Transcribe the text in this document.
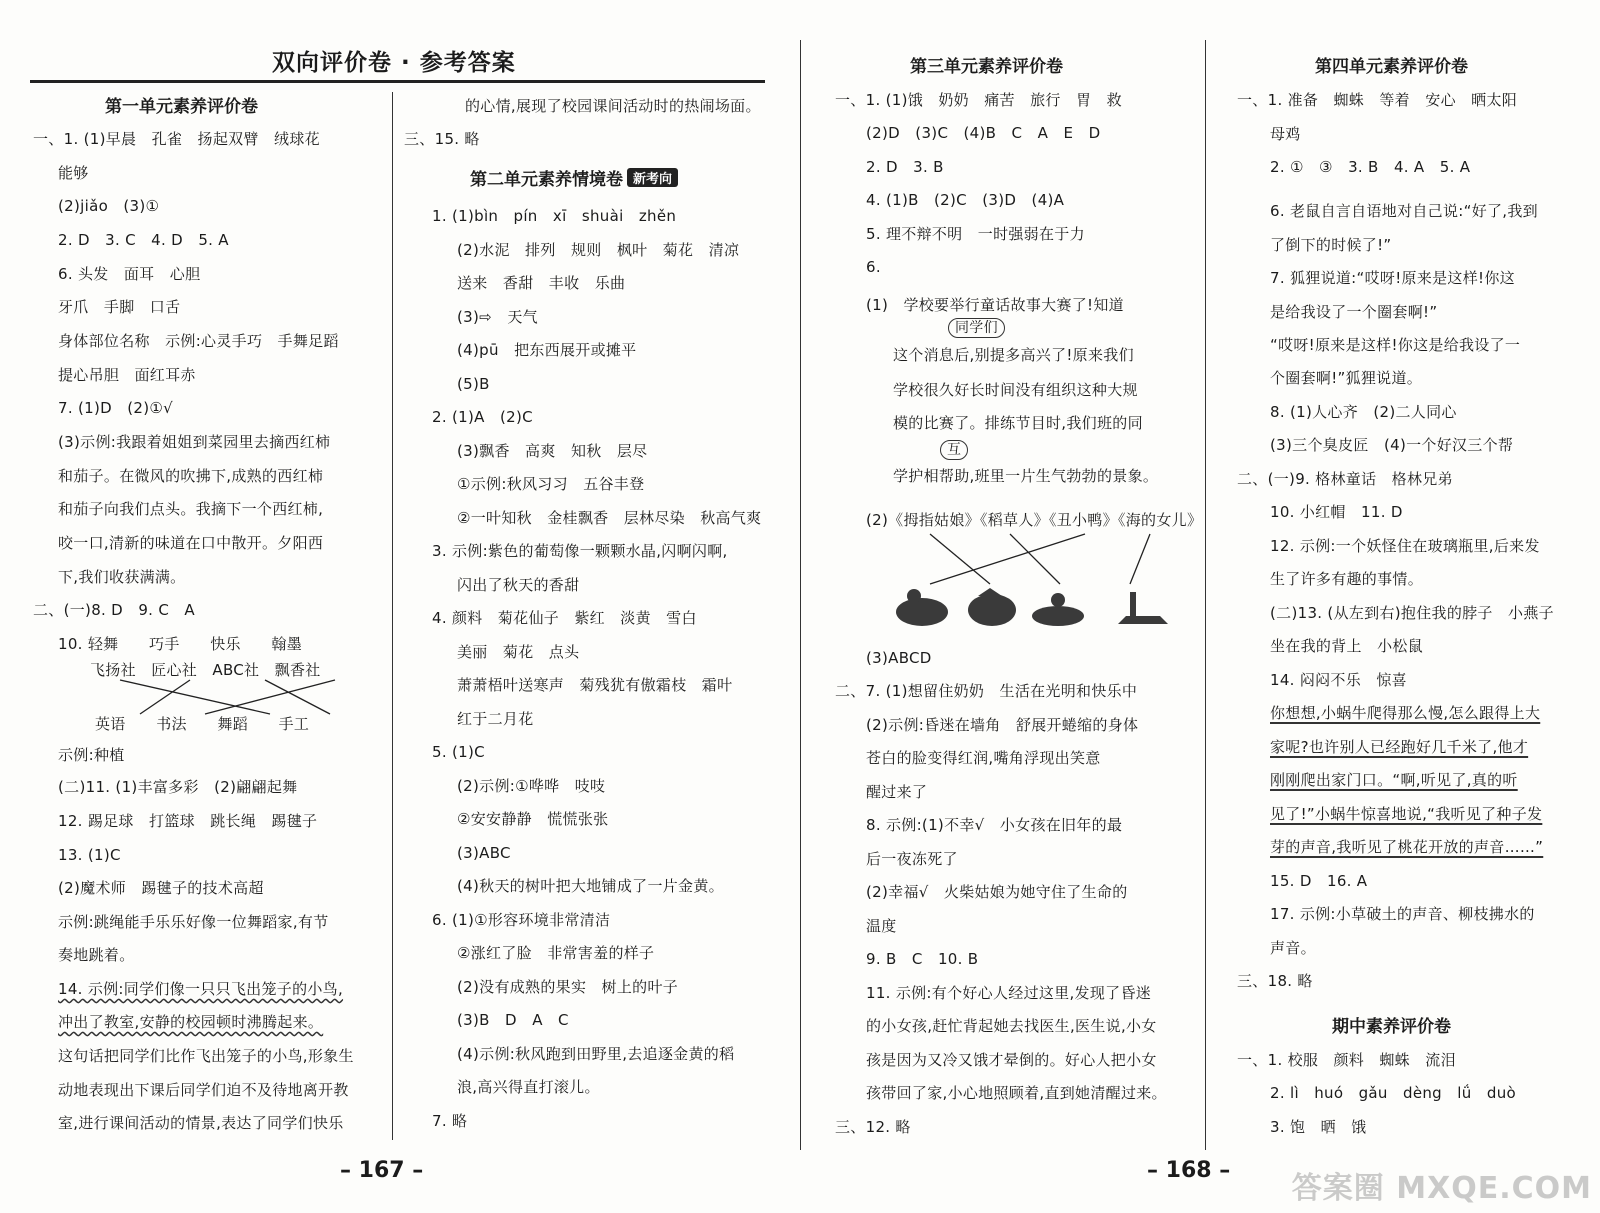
双向评价卷 · 参考答案
第一单元素养评价卷
一、1. (1)早晨　孔雀　扬起双臂　绒球花
能够
(2)jiǎo　(3)①
2. D　3. C　4. D　5. A
6. 头发　面耳　心胆
牙爪　手脚　口舌
身体部位名称　示例:心灵手巧　手舞足蹈
提心吊胆　面红耳赤
7. (1)D　(2)①√
(3)示例:我跟着姐姐到菜园里去摘西红柿
和茄子。在微风的吹拂下,成熟的西红柿
和茄子向我们点头。我摘下一个西红柿,
咬一口,清新的味道在口中散开。夕阳西
下,我们收获满满。
二、(一)8. D　9. C　A
10. 轻舞　　巧手　　快乐　　翰墨
飞扬社　匠心社　ABC社　飘香社
英语　　书法　　舞蹈　　手工
示例:种植
(二)11. (1)丰富多彩　(2)翩翩起舞
12. 踢足球　打篮球　跳长绳　踢毽子
13. (1)C
(2)魔术师　踢毽子的技术高超
示例:跳绳能手乐乐好像一位舞蹈家,有节
奏地跳着。
14. 示例:同学们像一只只飞出笼子的小鸟,
冲出了教室,安静的校园顿时沸腾起来。
这句话把同学们比作飞出笼子的小鸟,形象生
动地表现出下课后同学们迫不及待地离开教
室,进行课间活动的情景,表达了同学们快乐
的心情,展现了校园课间活动时的热闹场面。
三、15. 略
第二单元素养情境卷 新考向
1. (1)bìn　pín　xī　shuài　zhěn
(2)水泥　排列　规则　枫叶　菊花　清凉
送来　香甜　丰收　乐曲
(3)⇨　天气
(4)pū　把东西展开或摊平
(5)B
2. (1)A　(2)C
(3)飘香　高爽　知秋　层尽
①示例:秋风习习　五谷丰登
②一叶知秋　金桂飘香　层林尽染　秋高气爽
3. 示例:紫色的葡萄像一颗颗水晶,闪啊闪啊,
闪出了秋天的香甜
4. 颜料　菊花仙子　紫红　淡黄　雪白
美丽　菊花　点头
萧萧梧叶送寒声　菊残犹有傲霜枝　霜叶
红于二月花
5. (1)C
(2)示例:①哗哗　吱吱
②安安静静　慌慌张张
(3)ABC
(4)秋天的树叶把大地铺成了一片金黄。
6. (1)①形容环境非常清洁
②涨红了脸　非常害羞的样子
(2)没有成熟的果实　树上的叶子
(3)B　D　A　C
(4)示例:秋风跑到田野里,去追逐金黄的稻
浪,高兴得直打滚儿。
7. 略
– 167 –
第三单元素养评价卷
一、1. (1)饿　奶奶　痛苦　旅行　胃　救
(2)D　(3)C　(4)B　C　A　E　D
2. D　3. B
4. (1)B　(2)C　(3)D　(4)A
5. 理不辩不明　一时强弱在于力
6.
(1)　学校要举行童话故事大赛了!知道
同学们
这个消息后,别提多高兴了!原来我们
学校很久好长时间没有组织这种大规
模的比赛了。排练节目时,我们班的同
互
学护相帮助,班里一片生气勃勃的景象。
(2)《拇指姑娘》《稻草人》《丑小鸭》《海的女儿》
(3)ABCD
二、7. (1)想留住奶奶　生活在光明和快乐中
(2)示例:昏迷在墙角　舒展开蜷缩的身体
苍白的脸变得红润,嘴角浮现出笑意
醒过来了
8. 示例:(1)不幸√　小女孩在旧年的最
后一夜冻死了
(2)幸福√　火柴姑娘为她守住了生命的
温度
9. B　C　10. B
11. 示例:有个好心人经过这里,发现了昏迷
的小女孩,赶忙背起她去找医生,医生说,小女
孩是因为又冷又饿才晕倒的。好心人把小女
孩带回了家,小心地照顾着,直到她清醒过来。
三、12. 略
– 168 –
第四单元素养评价卷
一、1. 准备　蜘蛛　等着　安心　晒太阳
母鸡
2. ①　③　3. B　4. A　5. A
6. 老鼠自言自语地对自己说:“好了,我到
了倒下的时候了!”
7. 狐狸说道:“哎呀!原来是这样!你这
是给我设了一个圈套啊!”
“哎呀!原来是这样!你这是给我设了一
个圈套啊!”狐狸说道。
8. (1)人心齐　(2)二人同心
(3)三个臭皮匠　(4)一个好汉三个帮
二、(一)9. 格林童话　格林兄弟
10. 小红帽　11. D
12. 示例:一个妖怪住在玻璃瓶里,后来发
生了许多有趣的事情。
(二)13. (从左到右)抱住我的脖子　小燕子
坐在我的背上　小松鼠
14. 闷闷不乐　惊喜
你想想,小蜗牛爬得那么慢,怎么跟得上大
家呢?也许别人已经跑好几千米了,他才
刚刚爬出家门口。“啊,听见了,真的听
见了!”小蜗牛惊喜地说,“我听见了种子发
芽的声音,我听见了桃花开放的声音……”
15. D　16. A
17. 示例:小草破土的声音、柳枝拂水的
声音。
三、18. 略
期中素养评价卷
一、1. 校服　颜料　蜘蛛　流泪
2. lì　huó　gǎu　dèng　lǘ　duò
3. 饱　晒　饿
答案圈 MXQE.COM
